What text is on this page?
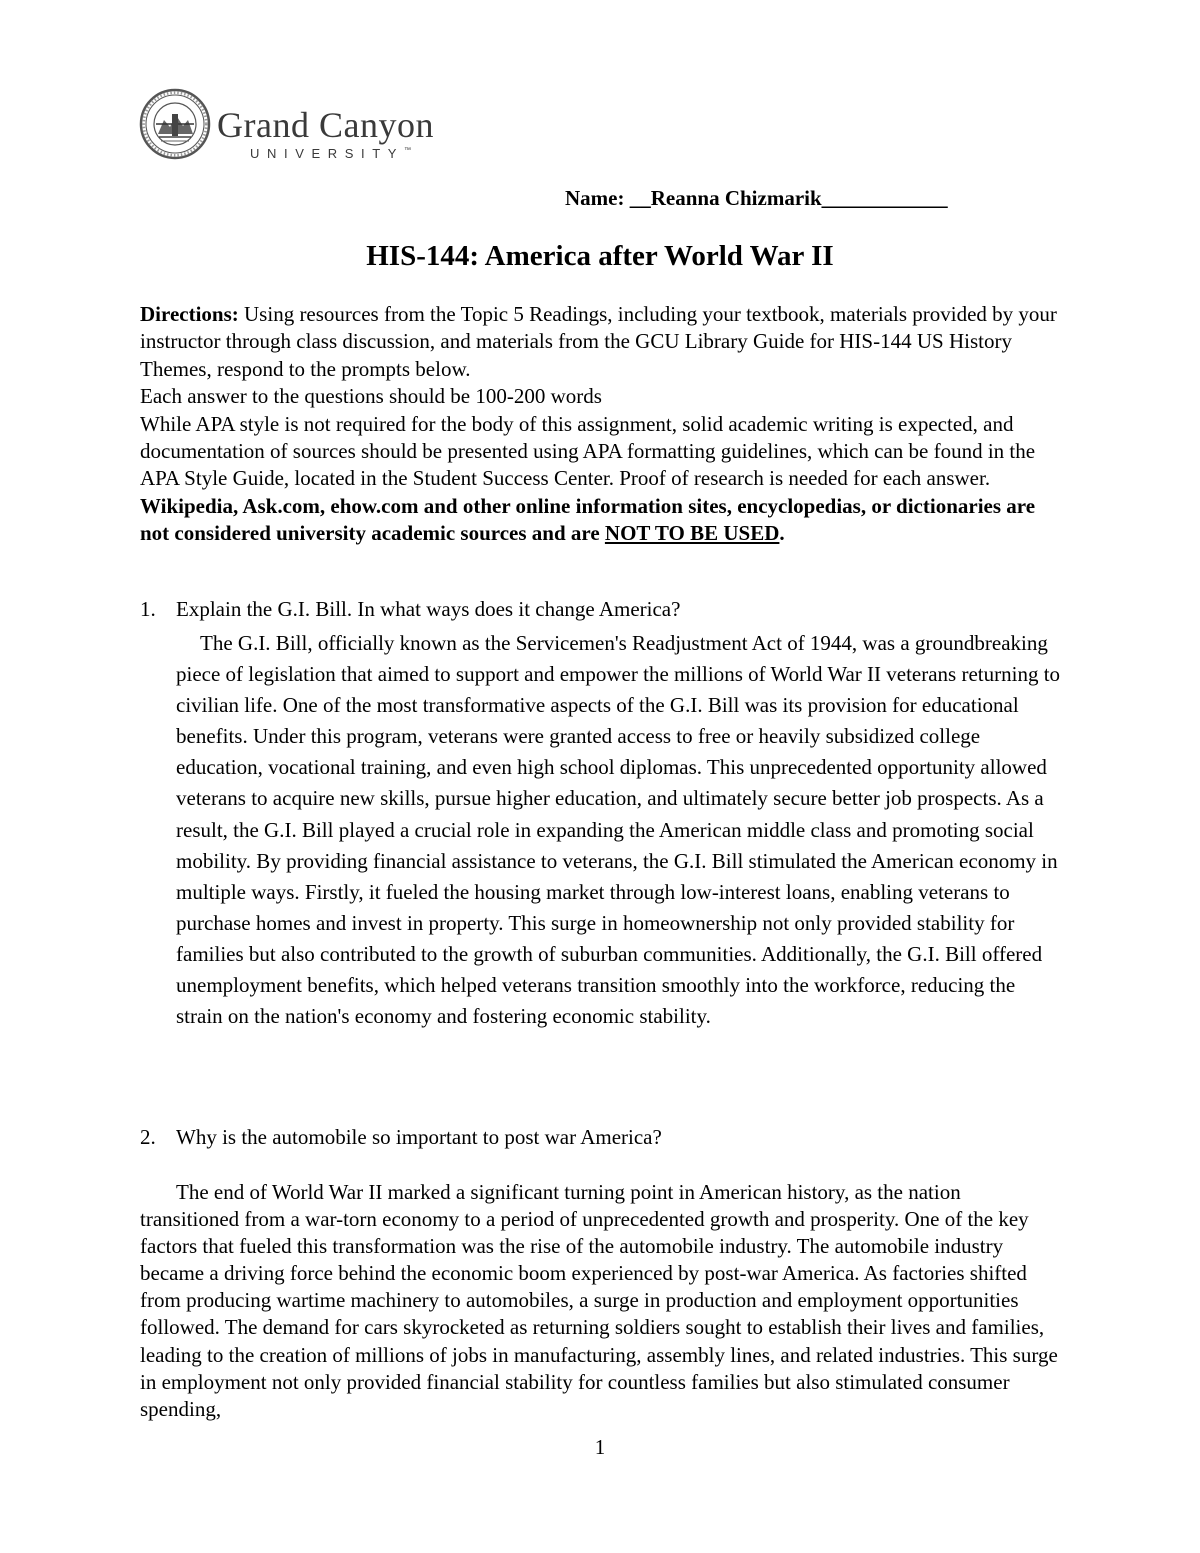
Grand Canyon
UNIVERSITY™
Name: __Reanna Chizmarik____________
HIS-144: America after World War II

Directions: Using resources from the Topic 5 Readings, including your textbook, materials provided by your instructor through class discussion, and materials from the GCU Library Guide for HIS-144 US History Themes, respond to the prompts below.

Each answer to the questions should be 100-200 words

While APA style is not required for the body of this assignment, solid academic writing is expected, and documentation of sources should be presented using APA formatting guidelines, which can be found in the APA Style Guide, located in the Student Success Center. Proof of research is needed for each answer.

Wikipedia, Ask.com, ehow.com and other online information sites, encyclopedias, or dictionaries are not considered university academic sources and are NOT TO BE USED.

1. Explain the G.I. Bill. In what ways does it change America?

The G.I. Bill, officially known as the Servicemen's Readjustment Act of 1944, was a groundbreaking piece of legislation that aimed to support and empower the millions of World War II veterans returning to civilian life. One of the most transformative aspects of the G.I. Bill was its provision for educational benefits. Under this program, veterans were granted access to free or heavily subsidized college education, vocational training, and even high school diplomas. This unprecedented opportunity allowed veterans to acquire new skills, pursue higher education, and ultimately secure better job prospects. As a result, the G.I. Bill played a crucial role in expanding the American middle class and promoting social mobility. By providing financial assistance to veterans, the G.I. Bill stimulated the American economy in multiple ways. Firstly, it fueled the housing market through low-interest loans, enabling veterans to purchase homes and invest in property. This surge in homeownership not only provided stability for families but also contributed to the growth of suburban communities. Additionally, the G.I. Bill offered unemployment benefits, which helped veterans transition smoothly into the workforce, reducing the strain on the nation's economy and fostering economic stability.

2. Why is the automobile so important to post war America?

The end of World War II marked a significant turning point in American history, as the nation transitioned from a war-torn economy to a period of unprecedented growth and prosperity. One of the key factors that fueled this transformation was the rise of the automobile industry. The automobile industry became a driving force behind the economic boom experienced by post-war America. As factories shifted from producing wartime machinery to automobiles, a surge in production and employment opportunities followed. The demand for cars skyrocketed as returning soldiers sought to establish their lives and families, leading to the creation of millions of jobs in manufacturing, assembly lines, and related industries. This surge in employment not only provided financial stability for countless families but also stimulated consumer spending,

1
